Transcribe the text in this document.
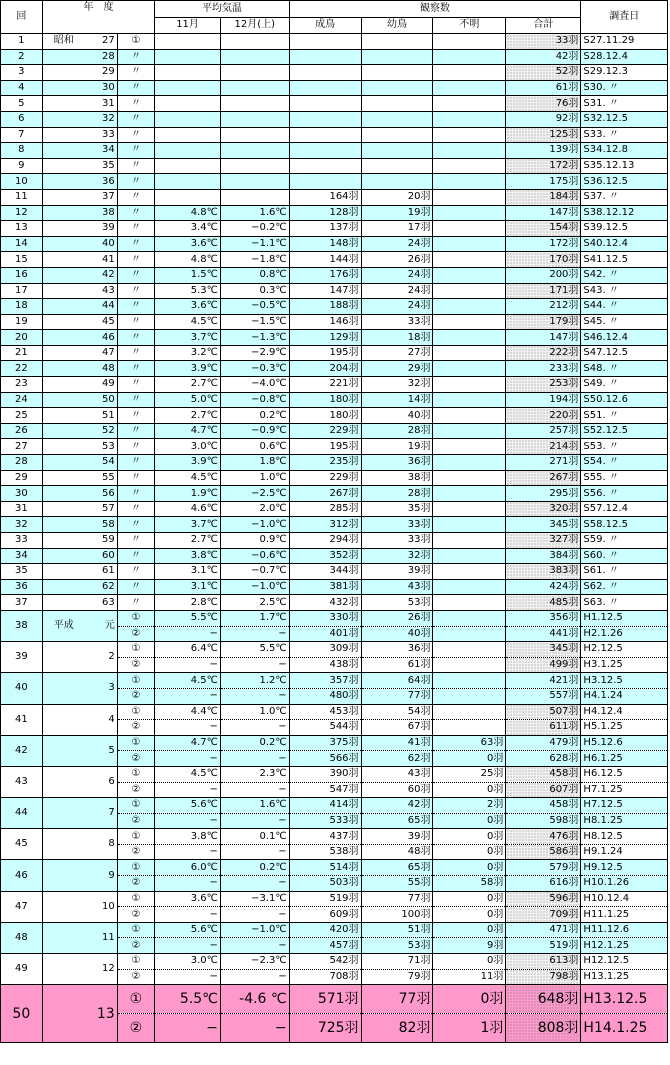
回	年　度			平均気温		観察数				調査日
				11月	12月(上)	成鳥	幼鳥	不明	合計	
1	昭和	27	①						33羽	S27.11.29
2		28	〃						42羽	S28.12.4
3		29	〃						52羽	S29.12.3
4		30	〃						61羽	S30. 〃
5		31	〃						76羽	S31. 〃
6		32	〃						92羽	S32.12.5
7		33	〃						125羽	S33. 〃
8		34	〃						139羽	S34.12.8
9		35	〃						172羽	S35.12.13
10		36	〃						175羽	S36.12.5
11		37	〃			164羽	20羽		184羽	S37. 〃
12		38	〃	4.8℃	1.6℃	128羽	19羽		147羽	S38.12.12
13		39	〃	3.4℃	−0.2℃	137羽	17羽		154羽	S39.12.5
14		40	〃	3.6℃	−1.1℃	148羽	24羽		172羽	S40.12.4
15		41	〃	4.8℃	−1.8℃	144羽	26羽		170羽	S41.12.5
16		42	〃	1.5℃	0.8℃	176羽	24羽		200羽	S42. 〃
17		43	〃	5.3℃	0.3℃	147羽	24羽		171羽	S43. 〃
18		44	〃	3.6℃	−0.5℃	188羽	24羽		212羽	S44. 〃
19		45	〃	4.5℃	−1.5℃	146羽	33羽		179羽	S45. 〃
20		46	〃	3.7℃	−1.3℃	129羽	18羽		147羽	S46.12.4
21		47	〃	3.2℃	−2.9℃	195羽	27羽		222羽	S47.12.5
22		48	〃	3.9℃	−0.3℃	204羽	29羽		233羽	S48. 〃
23		49	〃	2.7℃	−4.0℃	221羽	32羽		253羽	S49. 〃
24		50	〃	5.0℃	−0.8℃	180羽	14羽		194羽	S50.12.6
25		51	〃	2.7℃	0.2℃	180羽	40羽		220羽	S51. 〃
26		52	〃	4.7℃	−0.9℃	229羽	28羽		257羽	S52.12.5
27		53	〃	3.0℃	0.6℃	195羽	19羽		214羽	S53. 〃
28		54	〃	3.9℃	1.8℃	235羽	36羽		271羽	S54. 〃
29		55	〃	4.5℃	1.0℃	229羽	38羽		267羽	S55. 〃
30		56	〃	1.9℃	−2.5℃	267羽	28羽		295羽	S56. 〃
31		57	〃	4.6℃	2.0℃	285羽	35羽		320羽	S57.12.4
32		58	〃	3.7℃	−1.0℃	312羽	33羽		345羽	S58.12.5
33		59	〃	2.7℃	0.9℃	294羽	33羽		327羽	S59. 〃
34		60	〃	3.8℃	−0.6℃	352羽	32羽		384羽	S60. 〃
35		61	〃	3.1℃	−0.7℃	344羽	39羽		383羽	S61. 〃
36		62	〃	3.1℃	−1.0℃	381羽	43羽		424羽	S62. 〃
37		63	〃	2.8℃	2.5℃	432羽	53羽		485羽	S63. 〃
38	平成	元	①	5.5℃	1.7℃	330羽	26羽		356羽	H1.12.5
			②	−	−	401羽	40羽		441羽	H2.1.26
39		2	①	6.4℃	5.5℃	309羽	36羽		345羽	H2.12.5
			②	−	−	438羽	61羽		499羽	H3.1.25
40		3	①	4.5℃	1.2℃	357羽	64羽		421羽	H3.12.5
			②	−	−	480羽	77羽		557羽	H4.1.24
41		4	①	4.4℃	1.0℃	453羽	54羽		507羽	H4.12.4
			②	−	−	544羽	67羽		611羽	H5.1.25
42		5	①	4.7℃	0.2℃	375羽	41羽	63羽	479羽	H5.12.6
			②	−	−	566羽	62羽	0羽	628羽	H6.1.25
43		6	①	4.5℃	2.3℃	390羽	43羽	25羽	458羽	H6.12.5
			②	−	−	547羽	60羽	0羽	607羽	H7.1.25
44		7	①	5.6℃	1.6℃	414羽	42羽	2羽	458羽	H7.12.5
			②	−	−	533羽	65羽	0羽	598羽	H8.1.25
45		8	①	3.8℃	0.1℃	437羽	39羽	0羽	476羽	H8.12.5
			②	−	−	538羽	48羽	0羽	586羽	H9.1.24
46		9	①	6.0℃	0.2℃	514羽	65羽	0羽	579羽	H9.12.5
			②	−	−	503羽	55羽	58羽	616羽	H10.1.26
47		10	①	3.6℃	−3.1℃	519羽	77羽	0羽	596羽	H10.12.4
			②	−	−	609羽	100羽	0羽	709羽	H11.1.25
48		11	①	5.6℃	−1.0℃	420羽	51羽	0羽	471羽	H11.12.6
			②	−	−	457羽	53羽	9羽	519羽	H12.1.25
49		12	①	3.0℃	−2.3℃	542羽	71羽	0羽	613羽	H12.12.5
			②	−	−	708羽	79羽	11羽	798羽	H13.1.25
50		13	①	5.5℃	-4.6 ℃	571羽	77羽	0羽	648羽	H13.12.5
			②	−	−	725羽	82羽	1羽	808羽	H14.1.25
